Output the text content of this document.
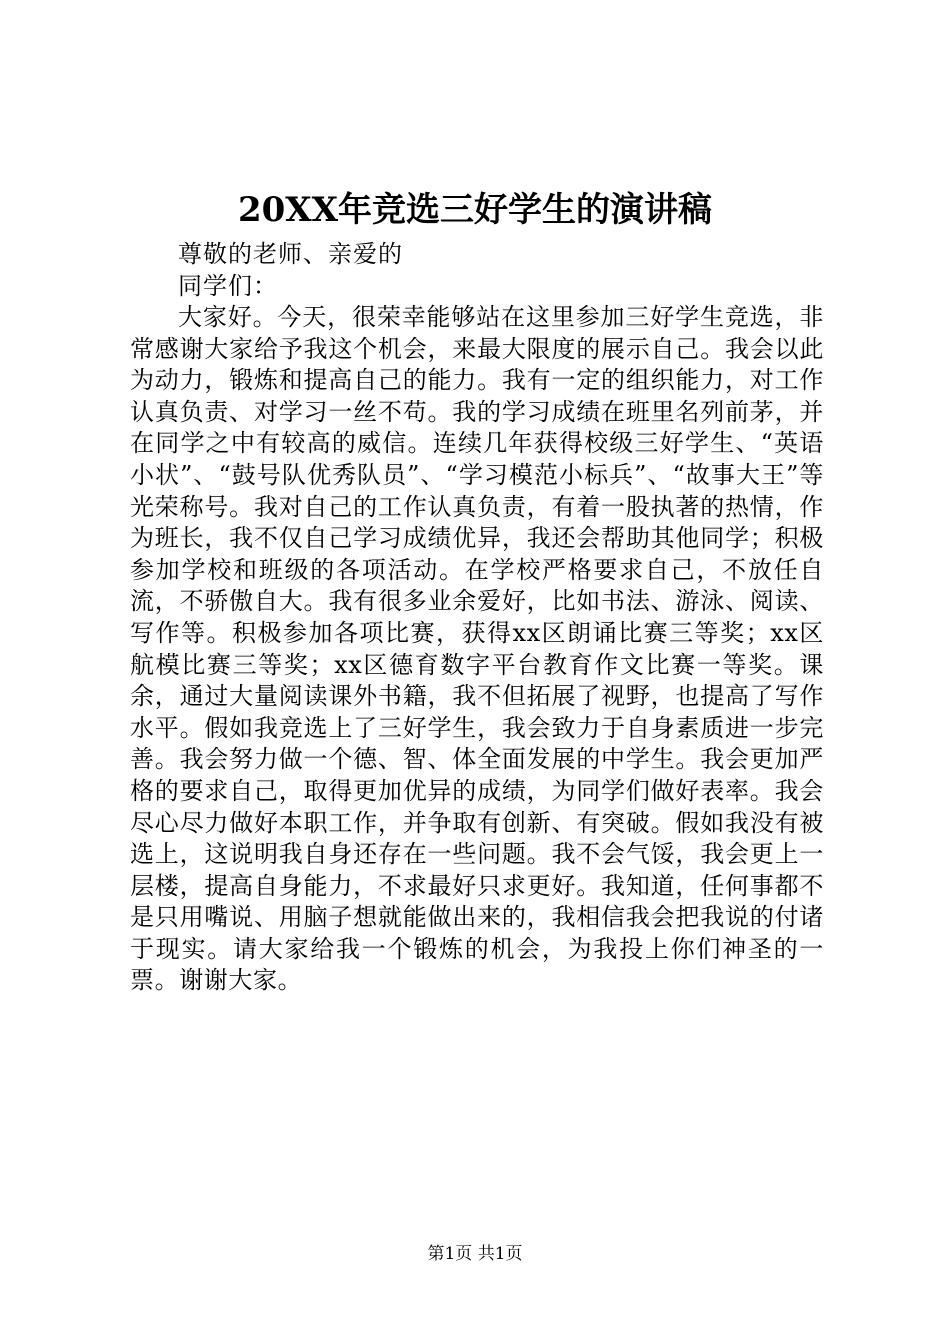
20XX年竞选三好学生的演讲稿
尊敬的老师、亲爱的
同学们：
大家好。今天，很荣幸能够站在这里参加三好学生竞选，非常感谢大家给予我这个机会，来最大限度的展示自己。我会以此为动力，锻炼和提高自己的能力。我有一定的组织能力，对工作认真负责、对学习一丝不苟。我的学习成绩在班里名列前茅，并在同学之中有较高的威信。连续几年获得校级三好学生、“英语小状”、“鼓号队优秀队员”、“学习模范小标兵”、“故事大王”等光荣称号。我对自己的工作认真负责，有着一股执著的热情，作为班长，我不仅自己学习成绩优异，我还会帮助其他同学；积极参加学校和班级的各项活动。在学校严格要求自己，不放任自流，不骄傲自大。我有很多业余爱好，比如书法、游泳、阅读、写作等。积极参加各项比赛，获得xx区朗诵比赛三等奖；xx区航模比赛三等奖；xx区德育数字平台教育作文比赛一等奖。课余，通过大量阅读课外书籍，我不但拓展了视野，也提高了写作水平。假如我竞选上了三好学生，我会致力于自身素质进一步完善。我会努力做一个德、智、体全面发展的中学生。我会更加严格的要求自己，取得更加优异的成绩，为同学们做好表率。我会尽心尽力做好本职工作，并争取有创新、有突破。假如我没有被选上，这说明我自身还存在一些问题。我不会气馁，我会更上一层楼，提高自身能力，不求最好只求更好。我知道，任何事都不是只用嘴说、用脑子想就能做出来的，我相信我会把我说的付诸于现实。请大家给我一个锻炼的机会，为我投上你们神圣的一票。谢谢大家。
第1页 共1页
